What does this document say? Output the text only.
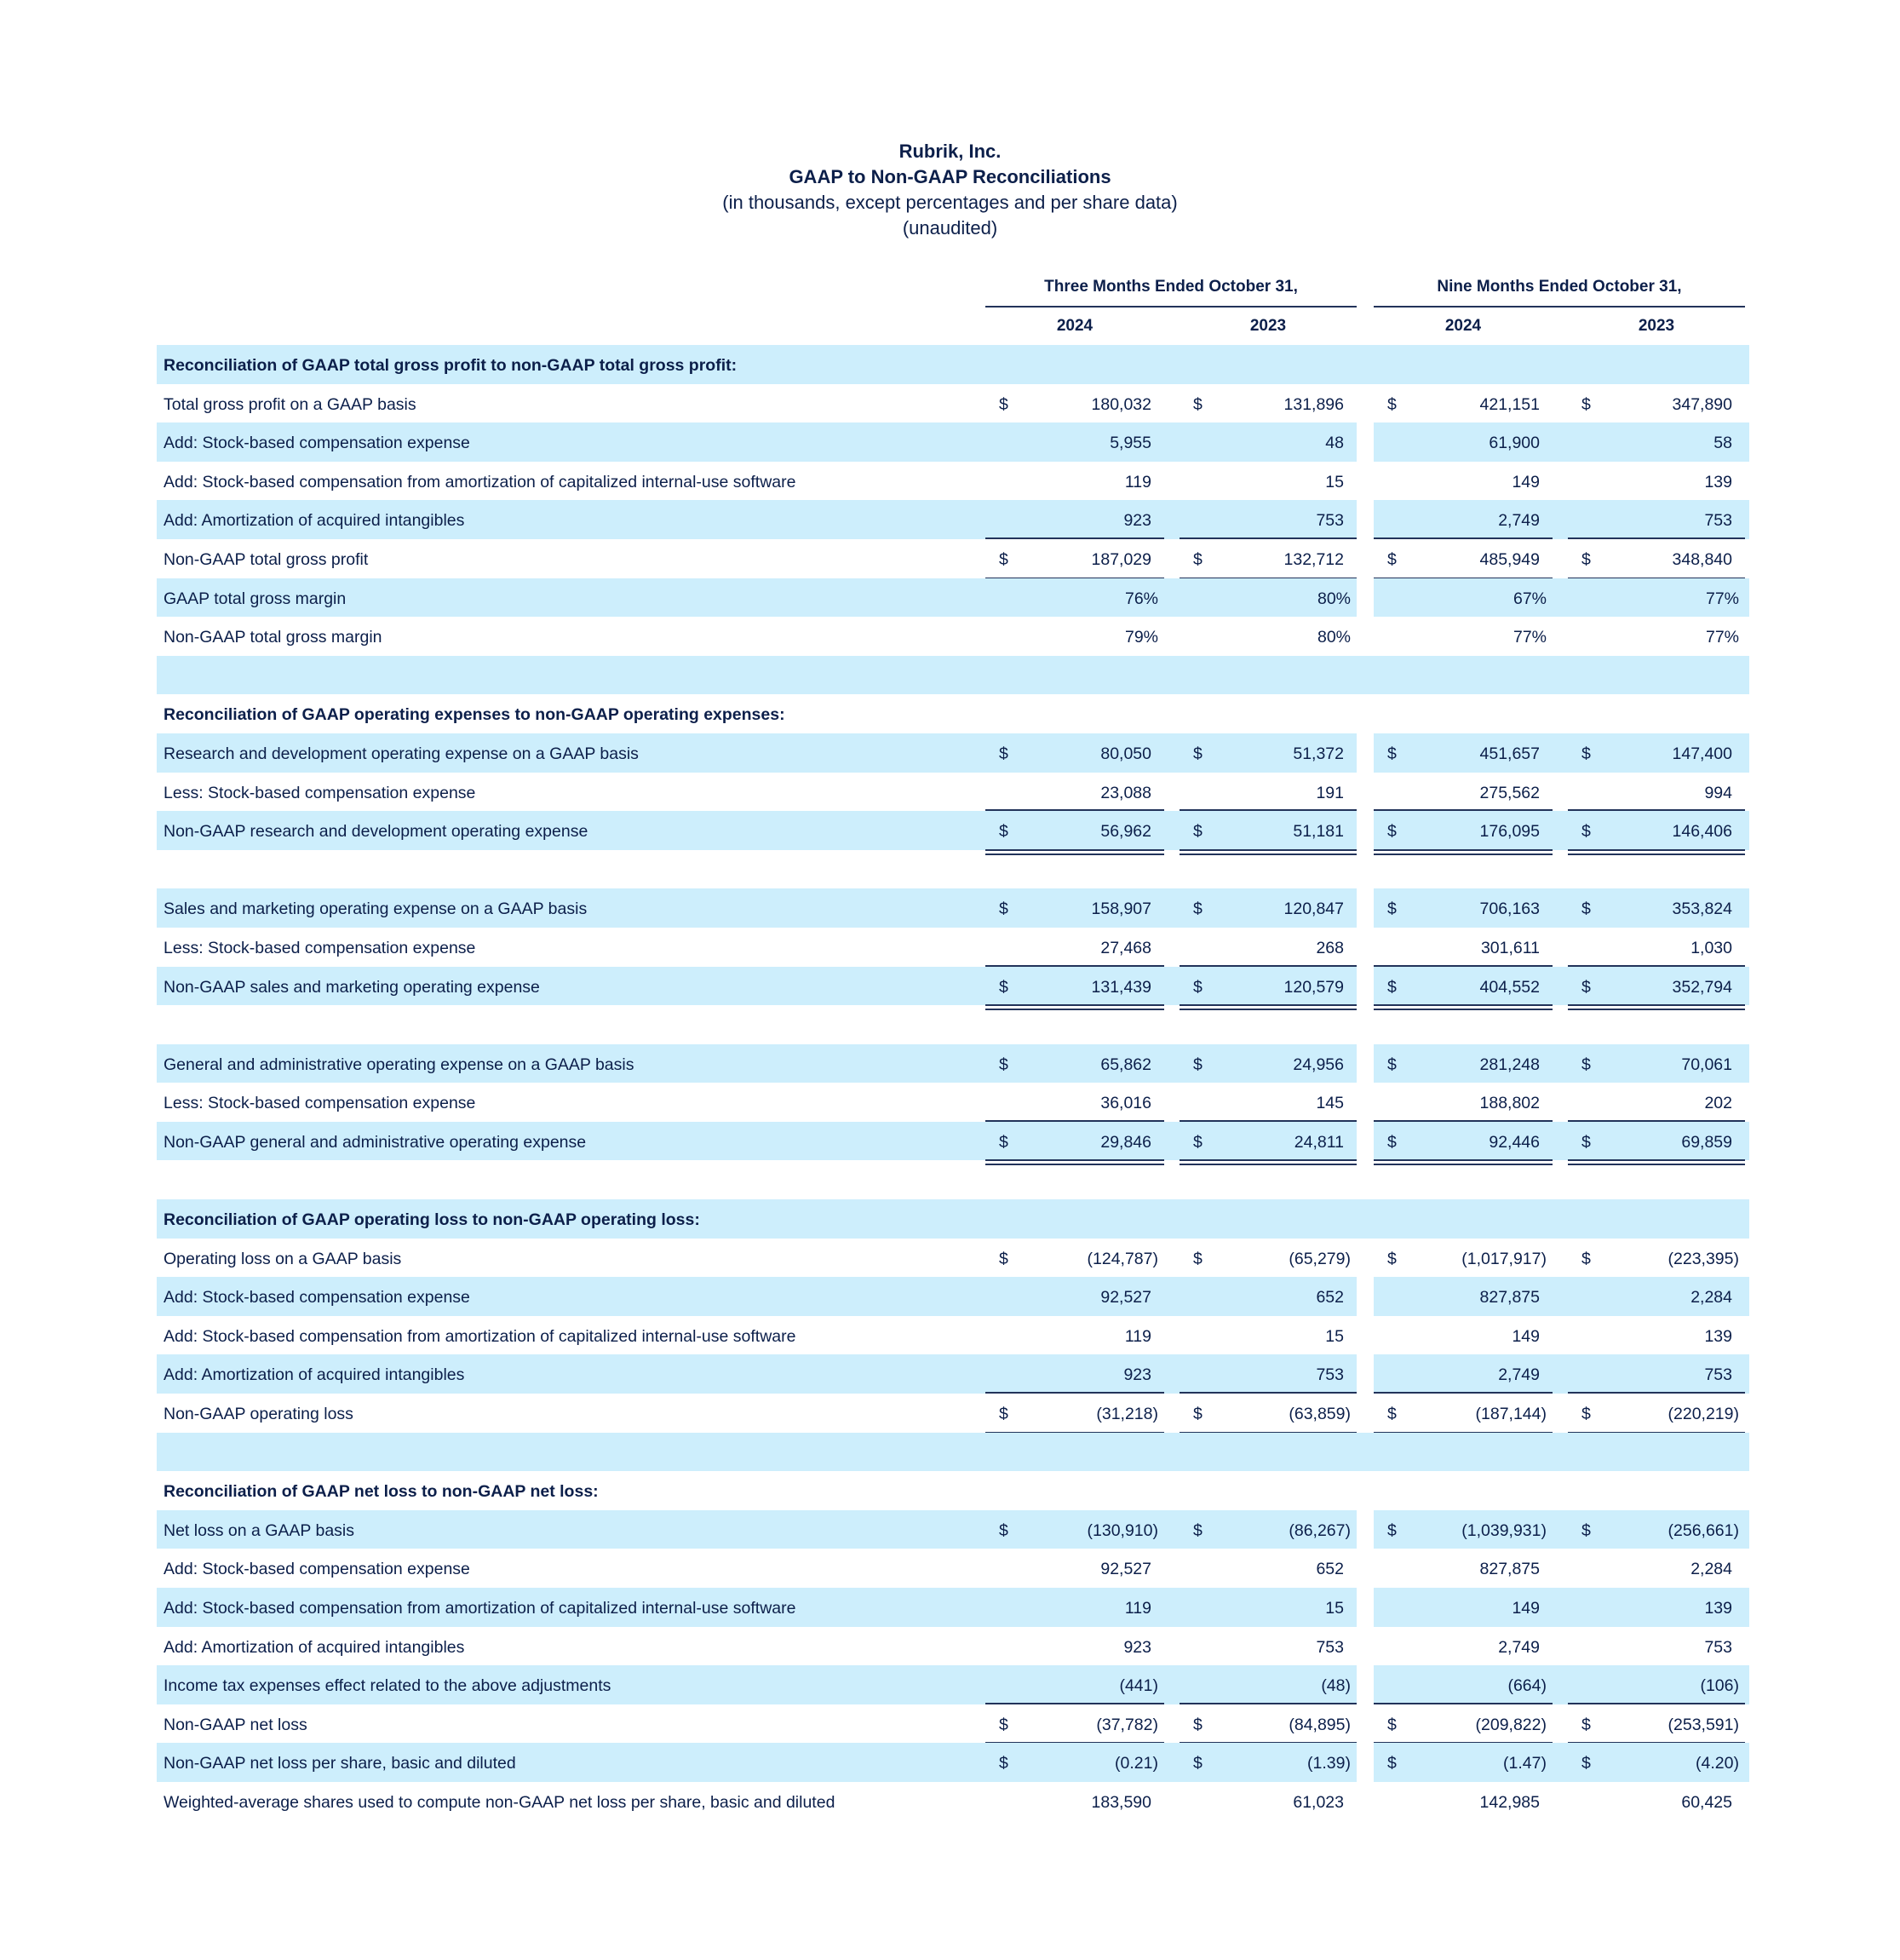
Rubrik, Inc.
GAAP to Non-GAAP Reconciliations
(in thousands, except percentages and per share data)
(unaudited)
Three Months Ended October 31,	Nine Months Ended October 31,
2024	2023	2024	2023
Reconciliation of GAAP total gross profit to non-GAAP total gross profit:
Total gross profit on a GAAP basis	$	180,032	$	131,896	$	421,151	$	347,890
Add: Stock-based compensation expense	5,955	48	61,900	58
Add: Stock-based compensation from amortization of capitalized internal-use software	119	15	149	139
Add: Amortization of acquired intangibles	923	753	2,749	753
Non-GAAP total gross profit	$	187,029	$	132,712	$	485,949	$	348,840
GAAP total gross margin	76%	80%	67%	77%
Non-GAAP total gross margin	79%	80%	77%	77%
Reconciliation of GAAP operating expenses to non-GAAP operating expenses:
Research and development operating expense on a GAAP basis	$	80,050	$	51,372	$	451,657	$	147,400
Less: Stock-based compensation expense	23,088	191	275,562	994
Non-GAAP research and development operating expense	$	56,962	$	51,181	$	176,095	$	146,406
Sales and marketing operating expense on a GAAP basis	$	158,907	$	120,847	$	706,163	$	353,824
Less: Stock-based compensation expense	27,468	268	301,611	1,030
Non-GAAP sales and marketing operating expense	$	131,439	$	120,579	$	404,552	$	352,794
General and administrative operating expense on a GAAP basis	$	65,862	$	24,956	$	281,248	$	70,061
Less: Stock-based compensation expense	36,016	145	188,802	202
Non-GAAP general and administrative operating expense	$	29,846	$	24,811	$	92,446	$	69,859
Reconciliation of GAAP operating loss to non-GAAP operating loss:
Operating loss on a GAAP basis	$	(124,787) $	(65,279) $	(1,017,917) $	(223,395)
Add: Stock-based compensation expense	92,527	652	827,875	2,284
Add: Stock-based compensation from amortization of capitalized internal-use software	119	15	149	139
Add: Amortization of acquired intangibles	923	753	2,749	753
Non-GAAP operating loss	$	(31,218) $	(63,859) $	(187,144) $	(220,219)
Reconciliation of GAAP net loss to non-GAAP net loss:
Net loss on a GAAP basis	$	(130,910) $	(86,267) $	(1,039,931) $	(256,661)
Add: Stock-based compensation expense	92,527	652	827,875	2,284
Add: Stock-based compensation from amortization of capitalized internal-use software	119	15	149	139
Add: Amortization of acquired intangibles	923	753	2,749	753
Income tax expenses effect related to the above adjustments	(441)	(48)	(664)	(106)
Non-GAAP net loss	$	(37,782) $	(84,895) $	(209,822) $	(253,591)
Non-GAAP net loss per share, basic and diluted	$	(0.21) $	(1.39) $	(1.47) $	(4.20)
Weighted-average shares used to compute non-GAAP net loss per share, basic and diluted	183,590	61,023	142,985	60,425
